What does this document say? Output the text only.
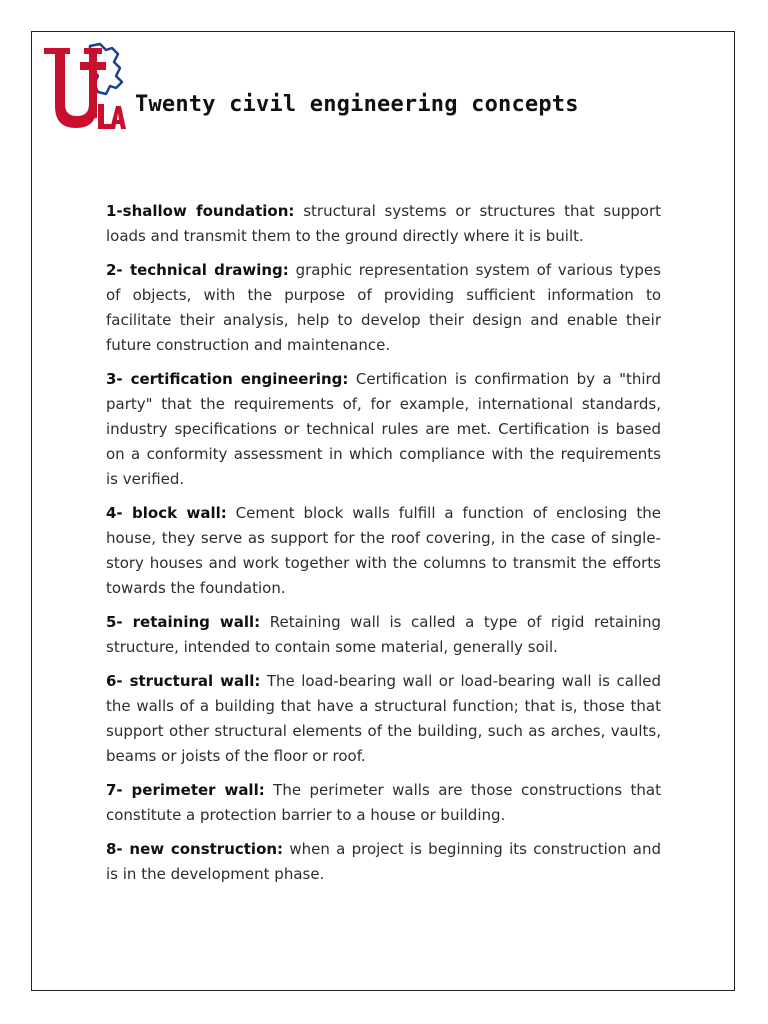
Twenty civil engineering concepts

1-shallow foundation: structural systems or structures that support loads and transmit them to the ground directly where it is built.

2- technical drawing: graphic representation system of various types of objects, with the purpose of providing sufficient information to facilitate their analysis, help to develop their design and enable their future construction and maintenance.

3- certification engineering: Certification is confirmation by a "third party" that the requirements of, for example, international standards, industry specifications or technical rules are met. Certification is based on a conformity assessment in which compliance with the requirements is verified.

4- block wall: Cement block walls fulfill a function of enclosing the house, they serve as support for the roof covering, in the case of single-story houses and work together with the columns to transmit the efforts towards the foundation.

5- retaining wall: Retaining wall is called a type of rigid retaining structure, intended to contain some material, generally soil.

6- structural wall: The load-bearing wall or load-bearing wall is called the walls of a building that have a structural function; that is, those that support other structural elements of the building, such as arches, vaults, beams or joists of the floor or roof.

7- perimeter wall: The perimeter walls are those constructions that constitute a protection barrier to a house or building.

8- new construction: when a project is beginning its construction and is in the development phase.
